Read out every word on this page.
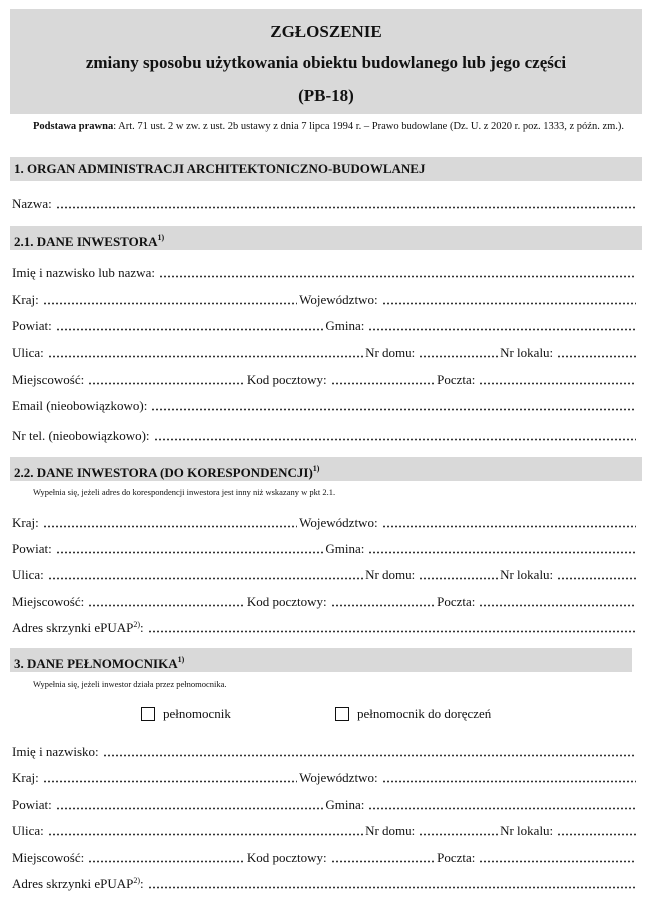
ZGŁOSZENIE
zmiany sposobu użytkowania obiektu budowlanego lub jego części
(PB-18)
Podstawa prawna: Art. 71 ust. 2 w zw. z ust. 2b ustawy z dnia 7 lipca 1994 r. – Prawo budowlane (Dz. U. z 2020 r. poz. 1333, z późn. zm.).
1. ORGAN ADMINISTRACJI ARCHITEKTONICZNO-BUDOWLANEJ
Nazwa:
2.1. DANE INWESTORA$^{1)}$
Imię i nazwisko lub nazwa:
Kraj:	Województwo:
Powiat:	Gmina:
Ulica:	Nr domu:	Nr lokalu:
Miejscowość:	Kod pocztowy:	Poczta:
Email (nieobowiązkowo):
Nr tel. (nieobowiązkowo):
2.2. DANE INWESTORA (DO KORESPONDENCJI)$^{1)}$
Wypełnia się, jeżeli adres do korespondencji inwestora jest inny niż wskazany w pkt 2.1.
Kraj:	Województwo:
Powiat:	Gmina:
Ulica:	Nr domu:	Nr lokalu:
Miejscowość:	Kod pocztowy:	Poczta:
Adres skrzynki ePUAP$^{2)}$:
3. DANE PEŁNOMOCNIKA$^{1)}$
Wypełnia się, jeżeli inwestor działa przez pełnomocnika.
pełnomocnik	pełnomocnik do doręczeń
Imię i nazwisko:
Kraj:	Województwo:
Powiat:	Gmina:
Ulica:	Nr domu:	Nr lokalu:
Miejscowość:	Kod pocztowy:	Poczta:
Adres skrzynki ePUAP$^{2)}$:
